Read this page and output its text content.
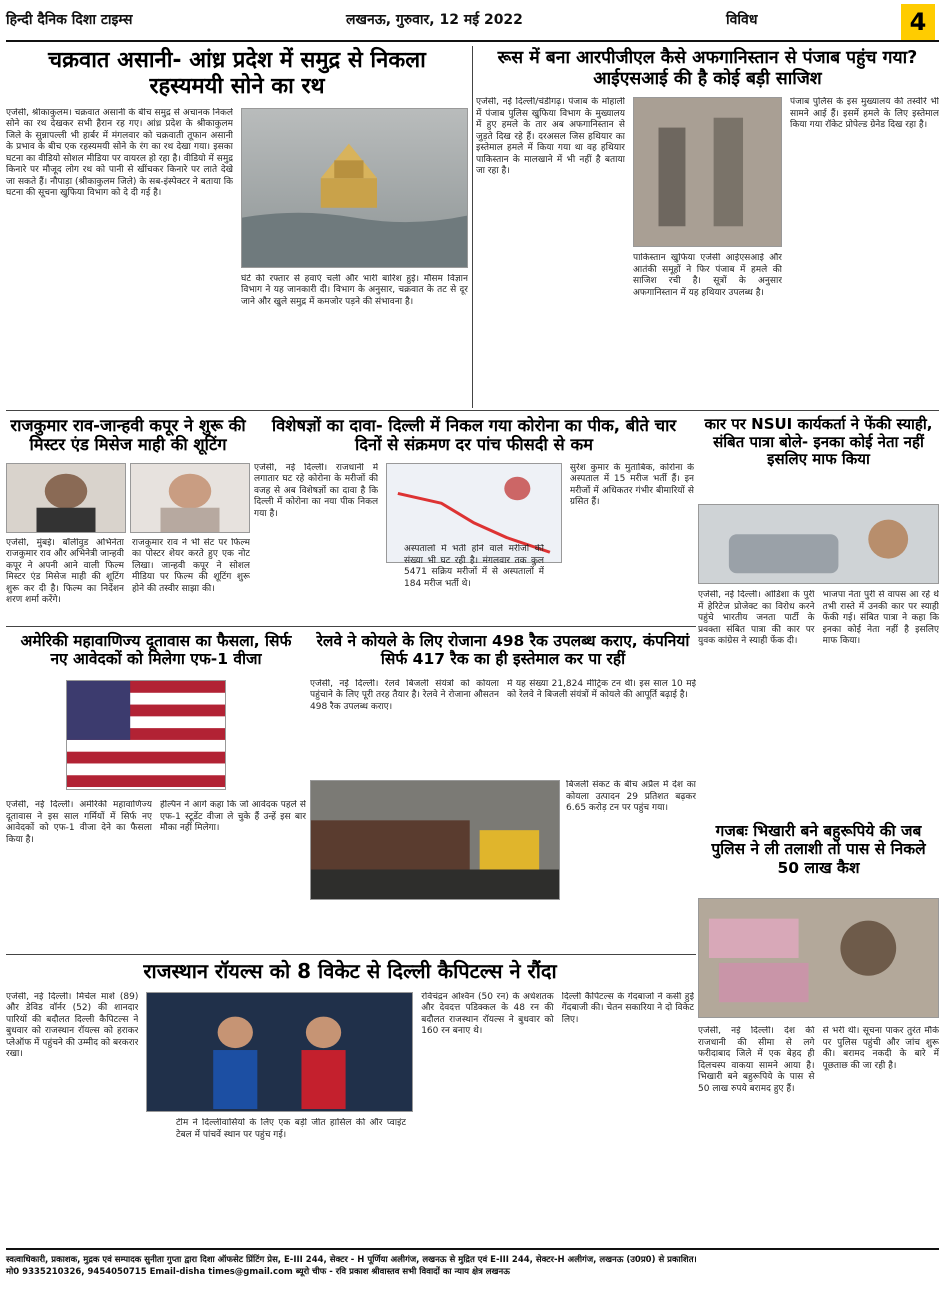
हिन्दी दैनिक दिशा टाइम्स	लखनऊ, गुरुवार, 12 मई 2022	विविध	4
चक्रवात असानी- आंध्र प्रदेश में समुद्र से निकला रहस्यमयी सोने का रथ
एजेंसी, श्रीकाकुलम। चक्रवात असानी के बीच समुद्र से अचानक निकले सोने का रथ देखकर सभी हैरान रह गए। आंध्र प्रदेश के श्रीकाकुलम जिले के सुन्नापल्ली भी हार्बर में मंगलवार को चक्रवाती तूफान असानी के प्रभाव के बीच एक रहस्यमयी सोने के रंग का रथ देखा गया। इसका घटना का वीडियो सोशल मीडिया पर वायरल हो रहा है। वीडियो में समुद्र किनारे पर मौजूद लोग रथ को पानी से खींचकर किनारे पर लाते देखे जा सकते हैं। नौपाड़ा (श्रीकाकुलम जिले) के सब-इंस्पेक्टर ने बताया कि घटना की सूचना खुफिया विभाग को दे दी गई है।
घंटे की रफ्तार से हवाएं चलीं और भारी बारिश हुई। मौसम विज्ञान विभाग ने यह जानकारी दी। विभाग के अनुसार, चक्रवात के तट से दूर जाने और खुले समुद्र में कमजोर पड़ने की संभावना है।
रूस में बना आरपीजीएल कैसे अफगानिस्तान से पंजाब पहुंच गया? आईएसआई की है कोई बड़ी साजिश
एजेंसी, नई दिल्ली/चंडीगढ़। पंजाब के मोहाली में पंजाब पुलिस खुफिया विभाग के मुख्यालय में हुए हमले के तार अब अफगानिस्तान से जुड़ते दिख रहे हैं। दरअसल जिस हथियार का इस्तेमाल हमले में किया गया था वह हथियार पाकिस्तान के मालखाने में भी नहीं है बताया जा रहा है।
पाकिस्तान खुफिया एजेंसी आईएसआई और आतंकी समूहों ने फिर पंजाब में हमले की साजिश रची है। सूत्रों के अनुसार अफगानिस्तान में यह हथियार उपलब्ध है।
पंजाब पुलिस के इस मुख्यालय की तस्वीरें भी सामने आई हैं। इसमें हमले के लिए इस्तेमाल किया गया रॉकेट प्रोपेल्ड ग्रेनेड दिख रहा है।
राजकुमार राव-जान्हवी कपूर ने शुरू की मिस्टर एंड मिसेज माही की शूटिंग
एजेंसी, मुंबई। बॉलीवुड अभिनेता राजकुमार राव और अभिनेत्री जान्हवी कपूर ने अपनी आने वाली फिल्म मिस्टर एंड मिसेज माही की शूटिंग शुरू कर दी है। फिल्म का निर्देशन शरण शर्मा करेंगे।
राजकुमार राव ने भी सेट पर फिल्म का पोस्टर शेयर करते हुए एक नोट लिखा। जान्हवी कपूर ने सोशल मीडिया पर फिल्म की शूटिंग शुरू होने की तस्वीर साझा की।
विशेषज्ञों का दावा- दिल्ली में निकल गया कोरोना का पीक, बीते चार दिनों से संक्रमण दर पांच फीसदी से कम
एजेंसी, नई दिल्ली। राजधानी में लगातार घट रहे कोरोना के मरीजों की वजह से अब विशेषज्ञों का दावा है कि दिल्ली में कोरोना का नया पीक निकल गया है।
सुरेश कुमार के मुताबिक, कोरोना के अस्पताल में 15 मरीज भर्ती हैं। इन मरीजों में अधिकतर गंभीर बीमारियों से ग्रसित हैं।
अस्पतालों में भर्ती होने वाले मरीजों की संख्या भी घट रही है। मंगलवार तक कुल 5471 सक्रिय मरीजों में से अस्पतालों में 184 मरीज भर्ती थे।
कार पर NSUI कार्यकर्ता ने फेंकी स्याही, संबित पात्रा बोले- इनका कोई नेता नहीं इसलिए माफ किया
एजेंसी, नई दिल्ली। ओडिशा के पुरी में हेरिटेज प्रोजेक्ट का विरोध करने पहुंचे भारतीय जनता पार्टी के प्रवक्ता संबित पात्रा की कार पर युवक कांग्रेस ने स्याही फेंक दी।
भाजपा नेता पुरी से वापस आ रहे थे तभी रास्ते में उनकी कार पर स्याही फेंकी गई। संबित पात्रा ने कहा कि इनका कोई नेता नहीं है इसलिए माफ किया।
अमेरिकी महावाणिज्य दूतावास का फैसला, सिर्फ नए आवेदकों को मिलेगा एफ-1 वीजा
एजेंसी, नई दिल्ली। अमेरिकी महावाणिज्य दूतावास ने इस साल गर्मियों में सिर्फ नए आवेदकों को एफ-1 वीजा देने का फैसला किया है।
हेल्पिन ने आगे कहा कि जो आवेदक पहले से एफ-1 स्टूडेंट वीजा ले चुके हैं उन्हें इस बार मौका नहीं मिलेगा।
रेलवे ने कोयले के लिए रोजाना 498 रैक उपलब्ध कराए, कंपनियां सिर्फ 417 रैक का ही इस्तेमाल कर पा रहीं
एजेंसी, नई दिल्ली। रेलवे बिजली संयंत्रों को कोयला पहुंचाने के लिए पूरी तरह तैयार है। रेलवे ने रोजाना औसतन 498 रैक उपलब्ध कराए।
में यह संख्या 21,824 मीट्रिक टन थी। इस साल 10 मई को रेलवे ने बिजली संयंत्रों में कोयले की आपूर्ति बढ़ाई है।
बिजली संकट के बीच अप्रैल में देश का कोयला उत्पादन 29 प्रतिशत बढ़कर 6.65 करोड़ टन पर पहुंच गया।
गजबः भिखारी बने बहुरूपिये की जब पुलिस ने ली तलाशी तो पास से निकले 50 लाख कैश
एजेंसी, नई दिल्ली। देश की राजधानी की सीमा से लगे फरीदाबाद जिले में एक बेहद ही दिलचस्प वाकया सामने आया है। भिखारी बने बहुरूपिये के पास से 50 लाख रुपये बरामद हुए हैं।
से भरी थी। सूचना पाकर तुरंत मौके पर पुलिस पहुंची और जांच शुरू की। बरामद नकदी के बारे में पूछताछ की जा रही है।
राजस्थान रॉयल्स को 8 विकेट से दिल्ली कैपिटल्स ने रौंदा
एजेंसी, नई दिल्ली। मिचेल मार्श (89) और डेविड वॉर्नर (52) की शानदार पारियों की बदौलत दिल्ली कैपिटल्स ने बुधवार को राजस्थान रॉयल्स को हराकर प्लेऑफ में पहुंचने की उम्मीद को बरकरार रखा।
रविचंद्रन अश्विन (50 रन) के अर्धशतक और देवदत्त पडिक्कल के 48 रन की बदौलत राजस्थान रॉयल्स ने बुधवार को 160 रन बनाए थे।
दिल्ली कैपिटल्स के गेंदबाजों ने कसी हुई गेंदबाजी की। चेतन सकारिया ने दो विकेट लिए।
टीम ने दिल्लीवासियों के लिए एक बड़ी जीत हासिल की और प्वाइंट टेबल में पांचवें स्थान पर पहुंच गई।
स्वत्वाधिकारी, प्रकाशक, मुद्रक एवं सम्पादक सुनीता गुप्ता द्वारा दिशा ऑफसेट प्रिंटिंग प्रेस, E-III 244, सेक्टर - H पूर्णिया अलीगंज, लखनऊ से मुद्रित एवं E-III 244, सेक्टर-H अलीगंज, लखनऊ (उ0प्र0) से प्रकाशित।
मो0 9335210326, 9454050715 Email-disha times@gmail.com ब्यूरो चीफ - रवि प्रकाश श्रीवास्तव सभी विवादों का न्याय क्षेत्र लखनऊ
